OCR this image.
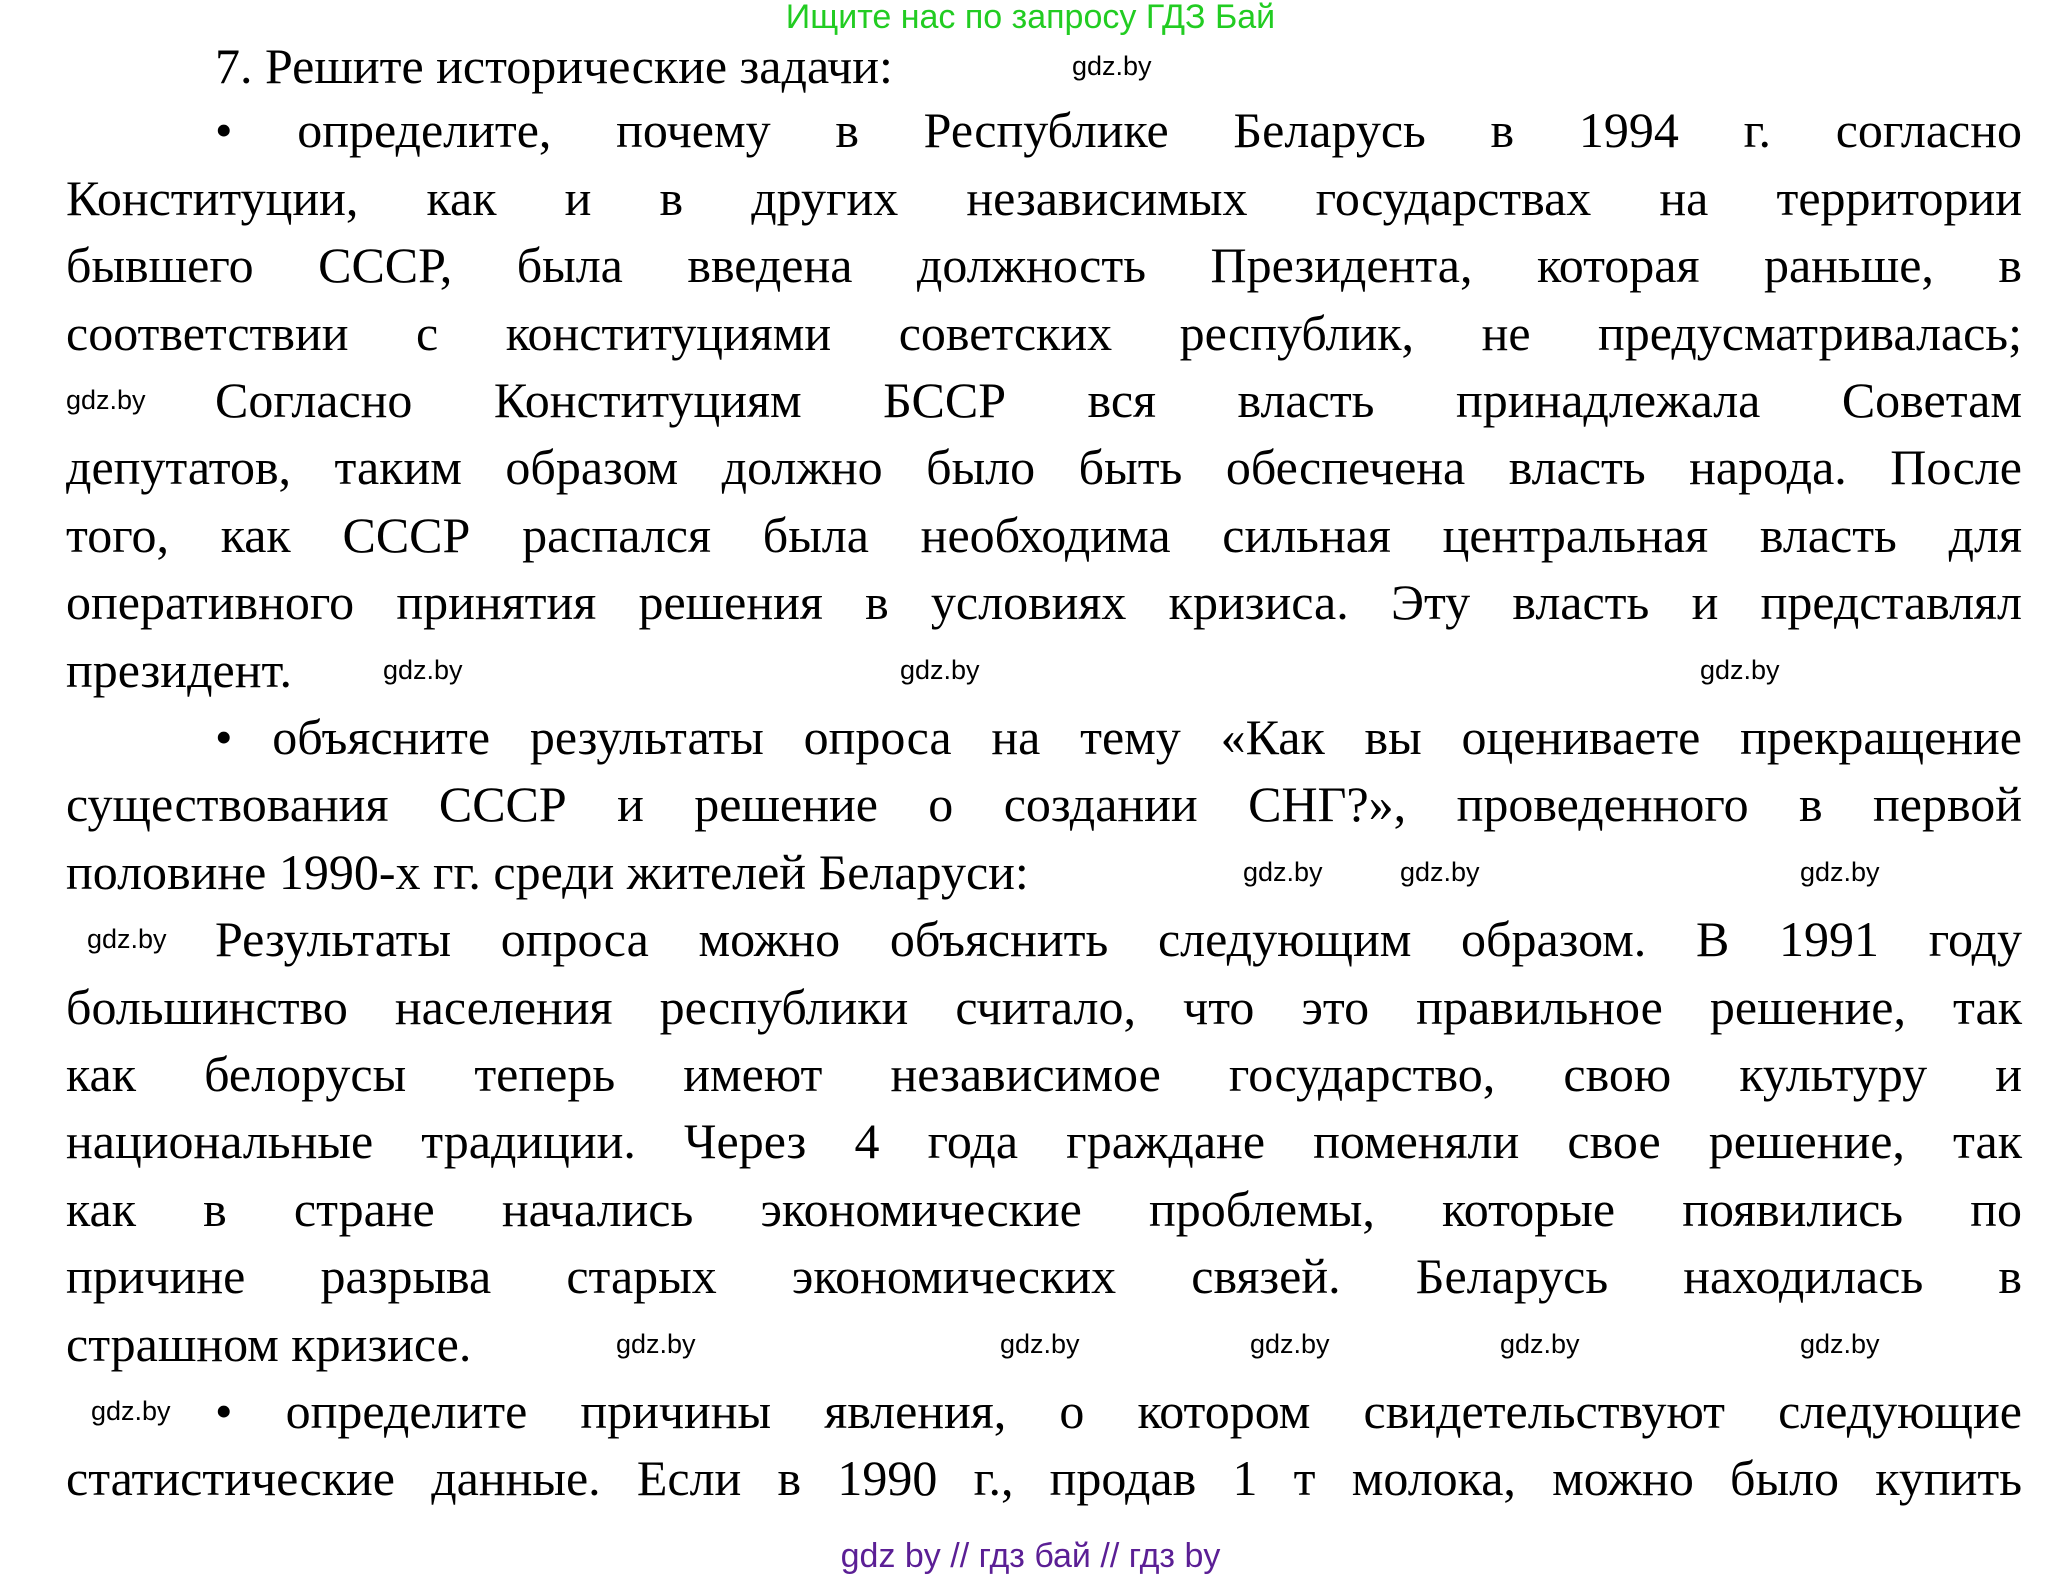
Ищите нас по запросу ГДЗ Бай
7. Решите исторические задачи:
• определите, почему в Республике Беларусь в 1994 г. согласно
Конституции, как и в других независимых государствах на территории
бывшего СССР, была введена должность Президента, которая раньше, в
соответствии с конституциями советских республик, не предусматривалась;
Согласно Конституциям БССР вся власть принадлежала Советам
депутатов, таким образом должно было быть обеспечена власть народа. После
того, как СССР распался была необходима сильная центральная власть для
оперативного принятия решения в условиях кризиса. Эту власть и представлял
президент.
• объясните результаты опроса на тему «Как вы оцениваете прекращение
существования СССР и решение о создании СНГ?», проведенного в первой
половине 1990-х гг. среди жителей Беларуси:
Результаты опроса можно объяснить следующим образом. В 1991 году
большинство населения республики считало, что это правильное решение, так
как белорусы теперь имеют независимое государство, свою культуру и
национальные традиции. Через 4 года граждане поменяли свое решение, так
как в стране начались экономические проблемы, которые появились по
причине разрыва старых экономических связей. Беларусь находилась в
страшном кризисе.
• определите причины явления, о котором свидетельствуют следующие
статистические данные. Если в 1990 г., продав 1 т молока, можно было купить
gdz.by
gdz.by
gdz.by
gdz.by
gdz.by
gdz.by
gdz.by
gdz.by
gdz.by
gdz.by
gdz.by	gdz.by
gdz.by
gdz.by
gdz.by
gdz by // гдз бай // гдз by
